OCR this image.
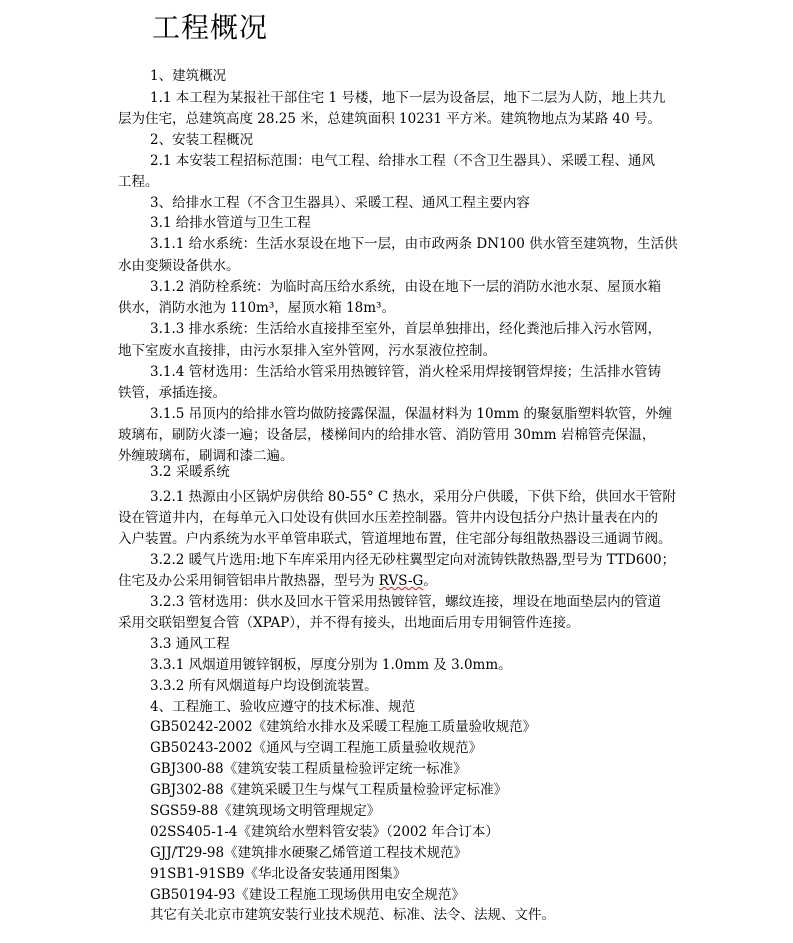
工程概况
1、建筑概况
1.1 本工程为某报社干部住宅 1 号楼，地下一层为设备层，地下二层为人防，地上共九
层为住宅，总建筑高度 28.25 米，总建筑面积 10231 平方米。建筑物地点为某路 40 号。
2、安装工程概况
2.1 本安装工程招标范围：电气工程、给排水工程（不含卫生器具）、采暖工程、通风
工程。
3、给排水工程（不含卫生器具）、采暖工程、通风工程主要内容
3.1 给排水管道与卫生工程
3.1.1 给水系统：生活水泵设在地下一层，由市政两条 DN100 供水管至建筑物，生活供
水由变频设备供水。
3.1.2 消防栓系统：为临时高压给水系统，由设在地下一层的消防水池水泵、屋顶水箱
供水，消防水池为 110m³，屋顶水箱 18m³。
3.1.3 排水系统：生活给水直接排至室外，首层单独排出，经化粪池后排入污水管网，
地下室废水直接排，由污水泵排入室外管网，污水泵液位控制。
3.1.4 管材选用：生活给水管采用热镀锌管，消火栓采用焊接钢管焊接；生活排水管铸
铁管，承插连接。
3.1.5 吊顶内的给排水管均做防接露保温，保温材料为 10mm 的聚氨脂塑料软管，外缠
玻璃布，刷防火漆一遍；设备层，楼梯间内的给排水管、消防管用 30mm 岩棉管壳保温，
外缠玻璃布，刷调和漆二遍。
3.2 采暖系统
3.2.1 热源由小区锅炉房供给 80-55° C 热水，采用分户供暖，下供下给，供回水干管附
设在管道井内，在每单元入口处设有供回水压差控制器。管井内设包括分户热计量表在内的
入户装置。户内系统为水平单管串联式，管道埋地布置，住宅部分每组散热器设三通调节阀。
3.2.2 暖气片选用:地下车库采用内径无砂柱翼型定向对流铸铁散热器,型号为 TTD600；
住宅及办公采用铜管铝串片散热器，型号为 RVS-G。
3.2.3 管材选用：供水及回水干管采用热镀锌管，螺纹连接，埋设在地面垫层内的管道
采用交联铝塑复合管（XPAP），并不得有接头，出地面后用专用铜管件连接。
3.3 通风工程
3.3.1 风烟道用镀锌钢板，厚度分别为 1.0mm 及 3.0mm。
3.3.2 所有风烟道每户均设倒流装置。
4、工程施工、验收应遵守的技术标准、规范
GB50242-2002《建筑给水排水及采暖工程施工质量验收规范》
GB50243-2002《通风与空调工程施工质量验收规范》
GBJ300-88《建筑安装工程质量检验评定统一标准》
GBJ302-88《建筑采暖卫生与煤气工程质量检验评定标准》
SGS59-88《建筑现场文明管理规定》
02SS405-1-4《建筑给水塑料管安装》（2002 年合订本）
GJJ/T29-98《建筑排水硬聚乙烯管道工程技术规范》
91SB1-91SB9《华北设备安装通用图集》
GB50194-93《建设工程施工现场供用电安全规范》
其它有关北京市建筑安装行业技术规范、标准、法令、法规、文件。
